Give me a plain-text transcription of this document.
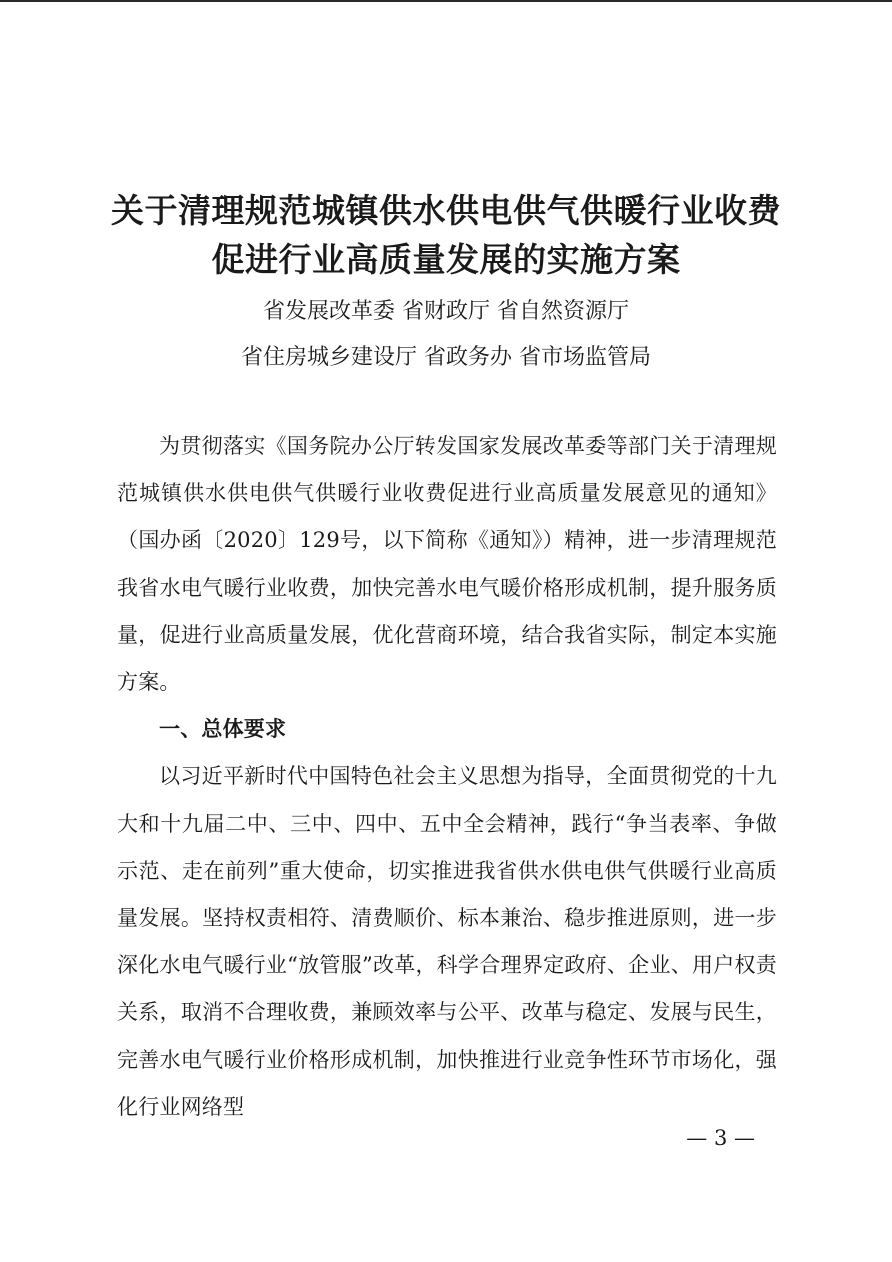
关于清理规范城镇供水供电供气供暖行业收费
促进行业高质量发展的实施方案
省发展改革委 省财政厅 省自然资源厅
省住房城乡建设厅 省政务办 省市场监管局

为贯彻落实《国务院办公厅转发国家发展改革委等部门关于清理规范城镇供水供电供气供暖行业收费促进行业高质量发展意见的通知》（国办函〔2020〕129号，以下简称《通知》）精神，进一步清理规范我省水电气暖行业收费，加快完善水电气暖价格形成机制，提升服务质量，促进行业高质量发展，优化营商环境，结合我省实际，制定本实施方案。

一、总体要求

以习近平新时代中国特色社会主义思想为指导，全面贯彻党的十九大和十九届二中、三中、四中、五中全会精神，践行“争当表率、争做示范、走在前列”重大使命，切实推进我省供水供电供气供暖行业高质量发展。坚持权责相符、清费顺价、标本兼治、稳步推进原则，进一步深化水电气暖行业“放管服”改革，科学合理界定政府、企业、用户权责关系，取消不合理收费，兼顾效率与公平、改革与稳定、发展与民生，完善水电气暖行业价格形成机制，加快推进行业竞争性环节市场化，强化行业网络型

— 3 —
